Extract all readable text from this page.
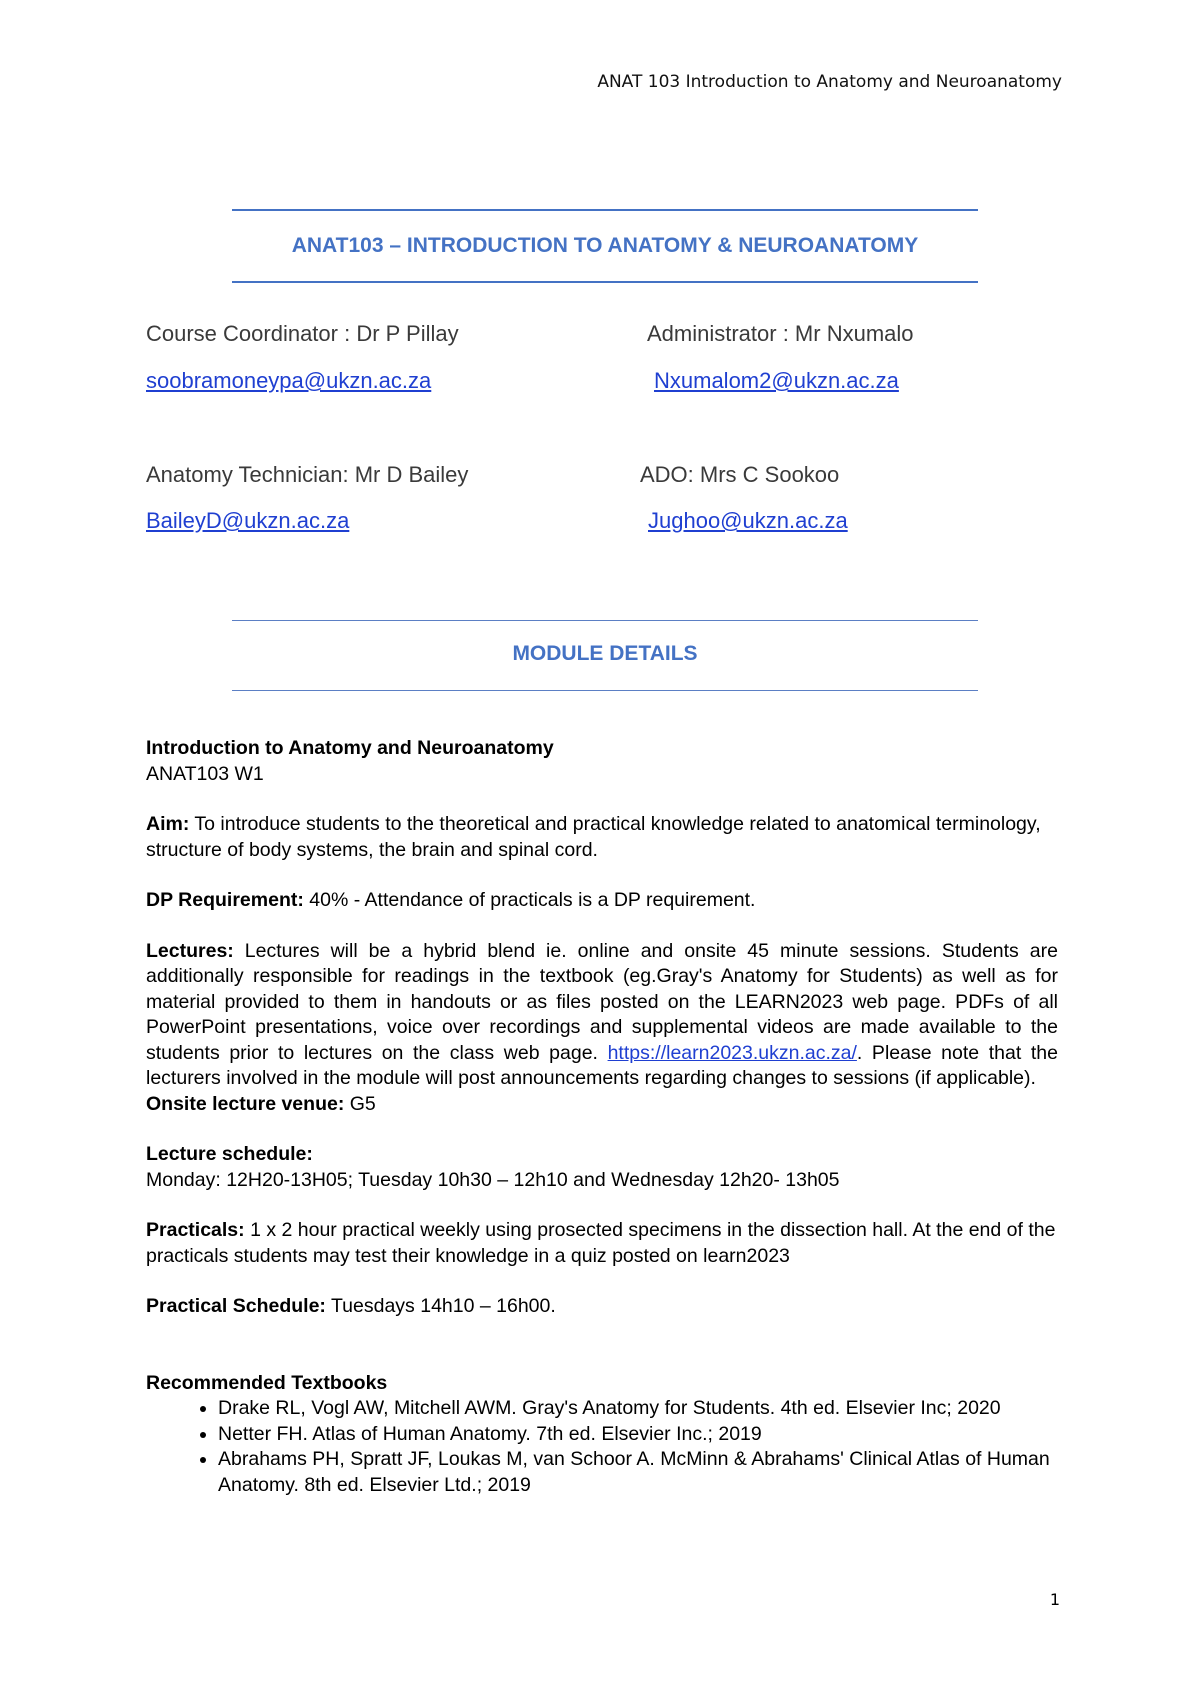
ANAT 103 Introduction to Anatomy and Neuroanatomy
ANAT103 – INTRODUCTION TO ANATOMY & NEUROANATOMY
Course Coordinator : Dr P Pillay	Administrator : Mr Nxumalo
soobramoneypa@ukzn.ac.za	Nxumalom2@ukzn.ac.za
Anatomy Technician: Mr D Bailey	ADO: Mrs C Sookoo
BaileyD@ukzn.ac.za	Jughoo@ukzn.ac.za
MODULE DETAILS

Introduction to Anatomy and Neuroanatomy

ANAT103 W1

Aim: To introduce students to the theoretical and practical knowledge related to anatomical terminology, structure of body systems, the brain and spinal cord.

DP Requirement: 40% - Attendance of practicals is a DP requirement.

Lectures: Lectures will be a hybrid blend ie. online and onsite 45 minute sessions. Students are additionally responsible for readings in the textbook (eg.Gray's Anatomy for Students) as well as for material provided to them in handouts or as files posted on the LEARN2023 web page. PDFs of all PowerPoint presentations, voice over recordings and supplemental videos are made available to the students prior to lectures on the class web page. https://learn2023.ukzn.ac.za/. Please note that the lecturers involved in the module will post announcements regarding changes to sessions (if applicable).

Onsite lecture venue: G5

Lecture schedule:

Monday: 12H20-13H05; Tuesday 10h30 – 12h10 and Wednesday 12h20- 13h05

Practicals: 1 x 2 hour practical weekly using prosected specimens in the dissection hall. At the end of the practicals students may test their knowledge in a quiz posted on learn2023

Practical Schedule: Tuesdays 14h10 – 16h00.

Recommended Textbooks

• Drake RL, Vogl AW, Mitchell AWM. Gray's Anatomy for Students. 4th ed. Elsevier Inc; 2020
• Netter FH. Atlas of Human Anatomy. 7th ed. Elsevier Inc.; 2019
• Abrahams PH, Spratt JF, Loukas M, van Schoor A. McMinn & Abrahams' Clinical Atlas of Human Anatomy. 8th ed. Elsevier Ltd.; 2019
1
